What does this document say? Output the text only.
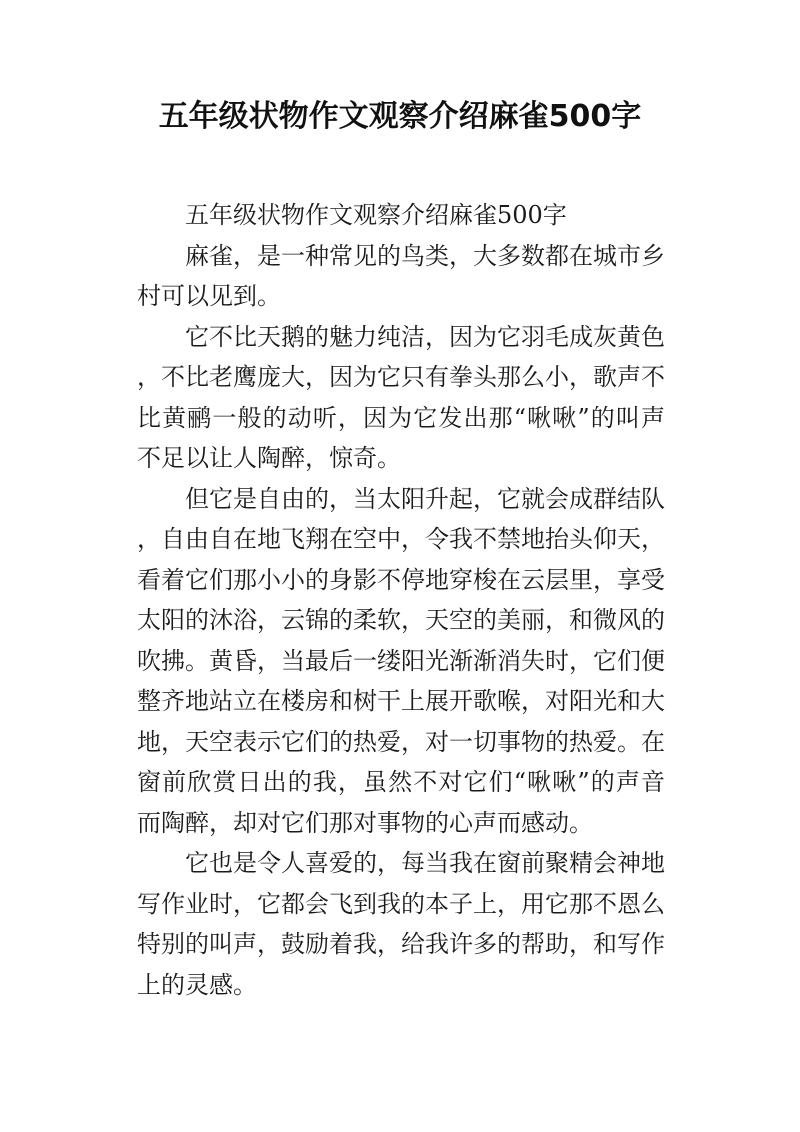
五年级状物作文观察介绍麻雀500字

五年级状物作文观察介绍麻雀500字

麻雀，是一种常见的鸟类，大多数都在城市乡村可以见到。

它不比天鹅的魅力纯洁，因为它羽毛成灰黄色，不比老鹰庞大，因为它只有拳头那么小，歌声不比黄鹂一般的动听，因为它发出那“啾啾”的叫声不足以让人陶醉，惊奇。

但它是自由的，当太阳升起，它就会成群结队，自由自在地飞翔在空中，令我不禁地抬头仰天，看着它们那小小的身影不停地穿梭在云层里，享受太阳的沐浴，云锦的柔软，天空的美丽，和微风的吹拂。黄昏，当最后一缕阳光渐渐消失时，它们便整齐地站立在楼房和树干上展开歌喉，对阳光和大地，天空表示它们的热爱，对一切事物的热爱。在窗前欣赏日出的我，虽然不对它们“啾啾”的声音而陶醉，却对它们那对事物的心声而感动。

它也是令人喜爱的，每当我在窗前聚精会神地写作业时，它都会飞到我的本子上，用它那不恩么特别的叫声，鼓励着我，给我许多的帮助，和写作上的灵感。
